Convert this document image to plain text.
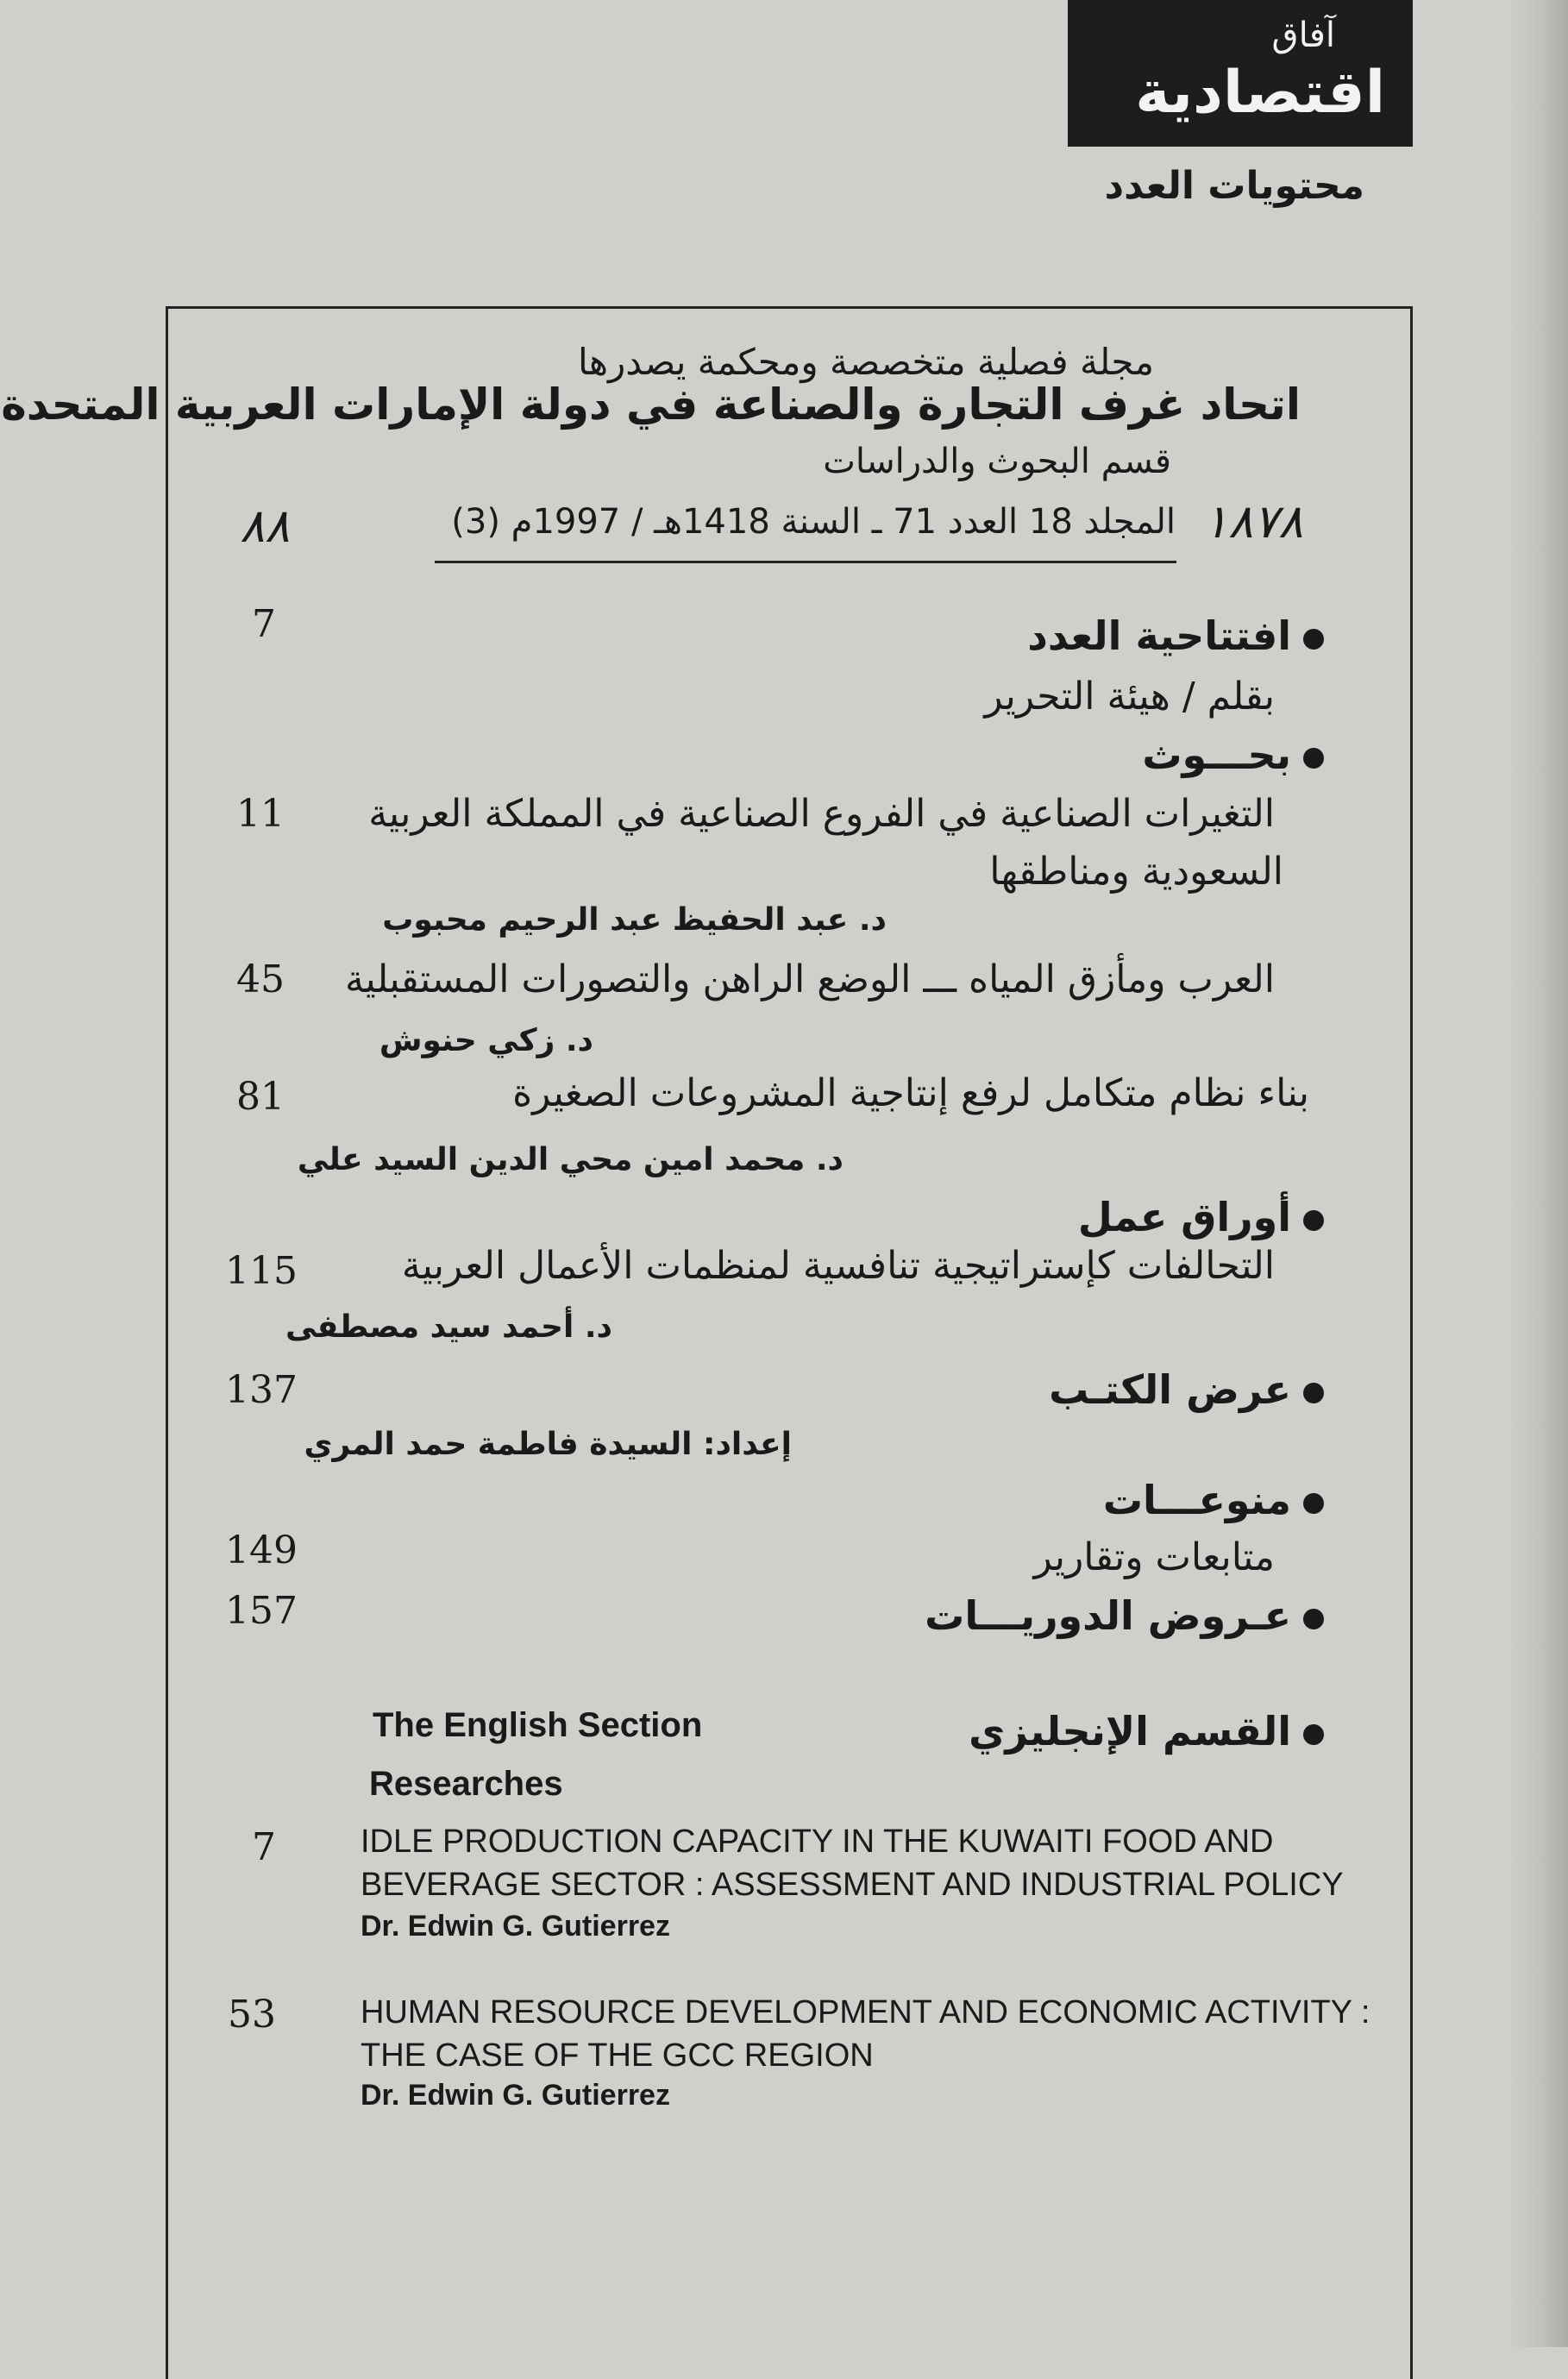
آفاق
اقتصادية
محتويات العدد
مجلة فصلية متخصصة ومحكمة يصدرها
اتحاد غرف التجارة والصناعة في دولة الإمارات العربية المتحدة
قسم البحوث والدراسات
المجلد 18 العدد 71 ـ السنة 1418هـ / 1997م (3) ١٨٧٨
٨٨
افتتاحية العدد
7
بقلم / هيئة التحرير
بحـــوث
11 التغيرات الصناعية في الفروع الصناعية في المملكة العربية
السعودية ومناطقها
د. عبد الحفيظ عبد الرحيم محبوب
45 العرب ومأزق المياه ـــ الوضع الراهن والتصورات المستقبلية
د. زكي حنوش
81	بناء نظام متكامل لرفع إنتاجية المشروعات الصغيرة
د. محمد امين محي الدين السيد علي
أوراق عمل
115	التحالفات كإستراتيجية تنافسية لمنظمات الأعمال العربية
د. أحمد سيد مصطفى
عرض الكتـب
137
إعداد: السيدة فاطمة حمد المري
منوعـــات
149	متابعات وتقارير
عـروض الدوريـــات
157
القسم الإنجليزي
The English Section
Researches
7	IDLE PRODUCTION CAPACITY IN THE KUWAITI FOOD AND
BEVERAGE SECTOR : ASSESSMENT AND INDUSTRIAL POLICY
Dr. Edwin G. Gutierrez
53	HUMAN RESOURCE DEVELOPMENT AND ECONOMIC ACTIVITY :
THE CASE OF THE GCC REGION
Dr. Edwin G. Gutierrez
